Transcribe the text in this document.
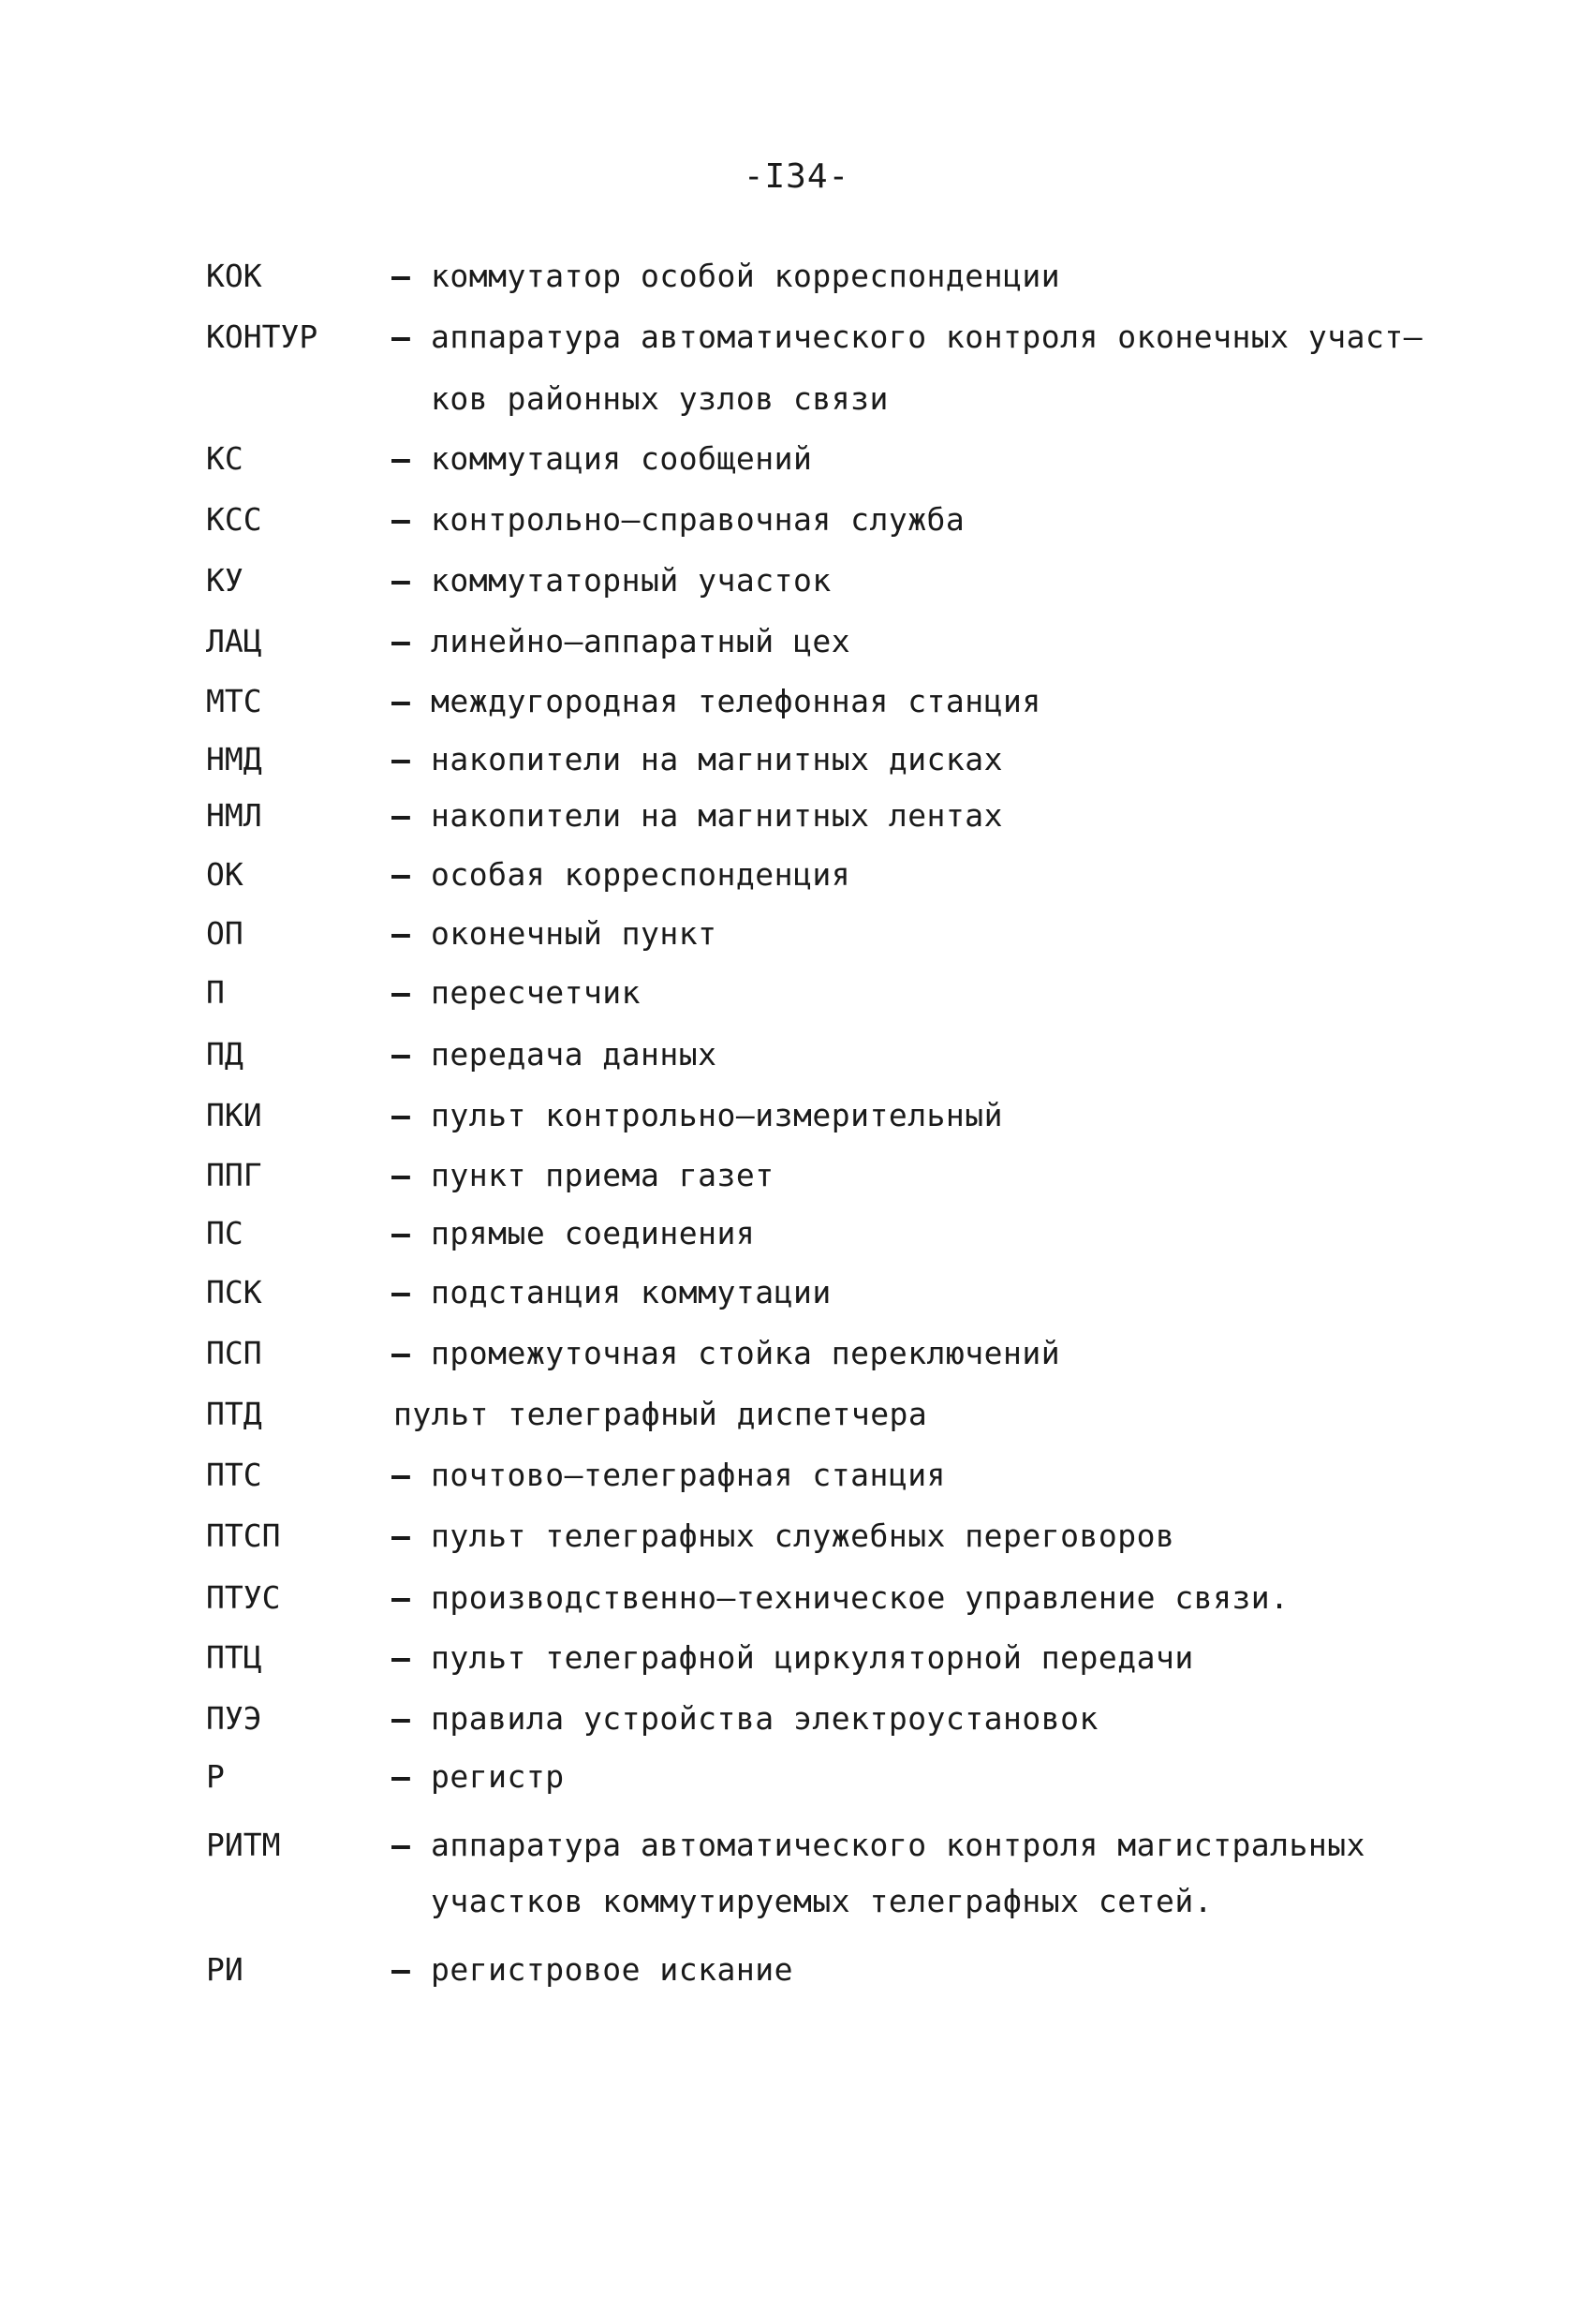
-I34-
КОК	– коммутатор особой корреспонденции
КОНТУР – аппаратура автоматического контроля оконечных участ–
ков районных узлов связи
КС	– коммутация сообщений
КСС	– контрольно–справочная служба
КУ	– коммутаторный участок
ЛАЦ	– линейно–аппаратный цех
МТС	– междугородная телефонная станция
НМД	– накопители на магнитных дисках
НМЛ	– накопители на магнитных лентах
ОК	– особая корреспонденция
ОП	– оконечный пункт
П	– пересчетчик
ПД	– передача данных
ПКИ	– пульт контрольно–измерительный
ППГ	– пункт приема газет
ПС	– прямые соединения
ПСК	– подстанция коммутации
ПСП	– промежуточная стойка переключений
ПТД	пульт телеграфный диспетчера
ПТС	– почтово–телеграфная станция
ПТСП	– пульт телеграфных служебных переговоров
ПТУС	– производственно–техническое управление связи.
ПТЦ	– пульт телеграфной циркуляторной передачи
ПУЭ	– правила устройства электроустановок
Р	– регистр
РИТМ	– аппаратура автоматического контроля магистральных
участков коммутируемых телеграфных сетей.
РИ	– регистровое искание
